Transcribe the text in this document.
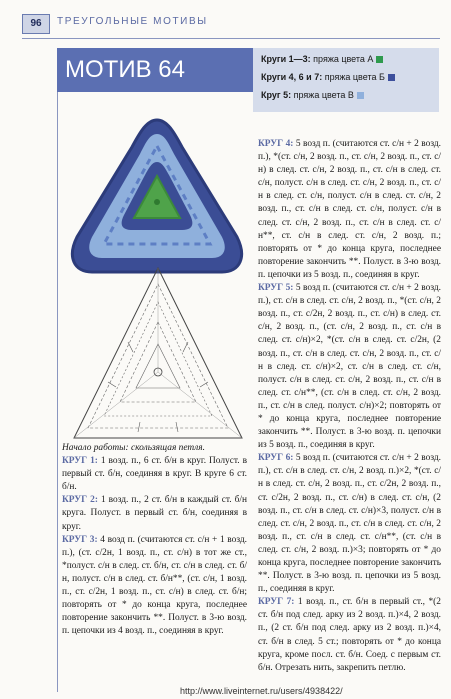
96	ТРЕУГОЛЬНЫЕ МОТИВЫ
МОТИВ 64	Круги 1—3: пряжа цвета А
Круги 4, 6 и 7: пряжа цвета Б
Круг 5: пряжа цвета В

КРУГ 4: 5 возд п. (считаются ст. с/н + 2 возд. п.), *(ст. с/н, 2 возд. п., ст. с/н, 2 возд. п., ст. с/н) в след. ст. с/н, 2 возд. п., ст. с/н в след. ст. с/н, полуст. с/н в след. ст. с/н, 2 возд. п., ст. с/н в след. ст. с/н, полуст. с/н в след. ст. с/н, 2 возд. п., ст. с/н в след. ст. с/н, полуст. с/н в след. ст. с/н, 2 возд. п., ст. с/н в след. ст. с/н**, ст. с/н в след. ст. с/н, 2 возд. п.; повторять от * до конца круга, последнее повторение закончить **. Полуст. в 3-ю возд. п. цепочки из 5 возд. п., соединяя в круг.

КРУГ 5: 5 возд п. (считаются ст. с/н + 2 возд. п.), ст. с/н в след. ст. с/н, 2 возд. п., *(ст. с/н, 2 возд. п., ст. с/2н, 2 возд. п., ст. с/н) в след. ст. с/н, 2 возд. п., (ст. с/н, 2 возд. п., ст. с/н в след. ст. с/н)×2, *(ст. с/н в след. ст. с/2н, (2 возд. п., ст. с/н в след. ст. с/н, 2 возд. п., ст. с/н в след. ст. с/н)×2, ст. с/н в след. ст. с/н, полуст. с/н в след. ст. с/н, 2 возд. п., ст. с/н в след. ст. с/н**, (ст. с/н в след. ст. с/н, 2 возд. п., ст. с/н в след. полуст. с/н)×2; повторять от * до конца круга, последнее повторение закончить **. Полуст. в 3-ю возд. п. цепочки из 5 возд. п., соединяя в круг.

КРУГ 6: 5 возд п. (считаются ст. с/н + 2 возд. п.), ст. с/н в след. ст. с/н, 2 возд. п.)×2, *(ст. с/н в след. ст. с/н, 2 возд. п., ст. с/2н, 2 возд. п., ст. с/2н, 2 возд. п., ст. с/н) в след. ст. с/н, (2 возд. п., ст. с/н в след. ст. с/н)×3, полуст. с/н в след. ст. с/н, 2 возд. п., ст. с/н в след. ст. с/н, 2 возд. п., ст. с/н в след. ст. с/н**, (ст. с/н в след. ст. с/н, 2 возд. п.)×3; повторять от * до конца круга, последнее повторение закончить **. Полуст. в 3-ю возд. п. цепочки из 5 возд. п., соединяя в круг.

КРУГ 7: 1 возд. п., ст. б/н в первый ст., *(2 ст. б/н под след. арку из 2 возд. п.)×4, 2 возд. п., (2 ст. б/н под след. арку из 2 возд. п.)×4, ст. б/н в след. 5 ст.; повторять от * до конца круга, кроме посл. ст. б/н. Соед. с первым ст. б/н. Отрезать нить, закрепить петлю.

Начало работы: скользящая петля.

КРУГ 1: 1 возд. п., 6 ст. б/н в круг. Полуст. в первый ст. б/н, соединяя в круг. В круге 6 ст. б/н.

КРУГ 2: 1 возд. п., 2 ст. б/н в каждый ст. б/н круга. Полуст. в первый ст. б/н, соединяя в круг.

КРУГ 3: 4 возд п. (считаются ст. с/н + 1 возд. п.), (ст. с/2н, 1 возд. п., ст. с/н) в тот же ст., *полуст. с/н в след. ст. б/н, ст. с/н в след. ст. б/н, полуст. с/н в след. ст. б/н**, (ст. с/н, 1 возд. п., ст. с/2н, 1 возд. п., ст. с/н) в след. ст. б/н; повторять от * до конца круга, последнее повторение закончить **. Полуст. в 3-ю возд. п. цепочки из 4 возд. п., соединяя в круг.

http://www.liveinternet.ru/users/4938422/
